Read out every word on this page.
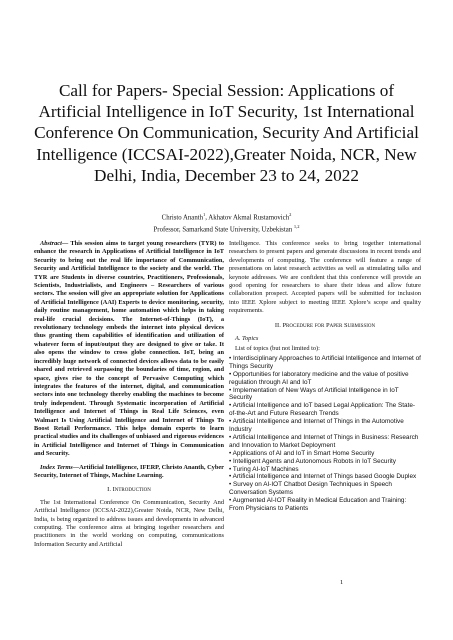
Call for Papers- Special Session: Applications of Artificial Intelligence in IoT Security, 1st International Conference On Communication, Security And Artificial Intelligence (ICCSAI-2022),Greater Noida, NCR, New Delhi, India, December 23 to 24, 2022
Christo Ananth$^1$, Akhatov Akmal Rustamovich$^2$
Professor, Samarkand State University, Uzbekistan $^{1,2}$

Abstract— This session aims to target young researchers (TYR) to enhance the research in Applications of Artificial Intelligence in IoT Security to bring out the real life importance of Communication, Security and Artificial Intelligence to the society and the world. The TYR are Students in diverse countries, Practitioners, Professionals, Scientists, Industrialists, and Engineers – Researchers of various sectors. The session will give an appropriate solution for Applications of Artificial Intelligence (AAI) Experts to device monitoring, security, daily routine management, home automation which helps in taking real-life crucial decisions. The Internet-of-Things (IoT), a revolutionary technology embeds the internet into physical devices thus granting them capabilities of identification and utilization of whatever form of input/output they are designed to give or take. It also opens the window to cross globe connection. IoT, being an incredibly huge network of connected devices allows data to be easily shared and retrieved surpassing the boundaries of time, region, and space, gives rise to the concept of Pervasive Computing which integrates the features of the internet, digital, and communication sectors into one technology thereby enabling the machines to become truly independent. Through Systematic incorporation of Artificial Intelligence and Internet of Things in Real Life Sciences, even Walmart Is Using Artificial Intelligence and Internet of Things To Boost Retail Performance. This helps domain experts to learn practical studies and its challenges of unbiased and rigorous evidences in Artificial Intelligence and Internet of Things in Communication and Security.

Index Terms—Artificial Intelligence, IFERP, Christo Ananth, Cyber Security, Internet of Things, Machine Learning.

I. Introduction

The 1st International Conference On Communication, Security And Artificial Intelligence (ICCSAI-2022),Greater Noida, NCR, New Delhi, India, is being organized to address issues and developments in advanced computing. The conference aims at bringing together researchers and practitioners in the world working on computing, communications Information Security and Artificial

Intelligence. This conference seeks to bring together international researchers to present papers and generate discussions in recent trends and developments of computing. The conference will feature a range of presentations on latest research activities as well as stimulating talks and keynote addresses. We are confident that this conference will provide an good opening for researchers to share their ideas and allow future collaboration prospect. Accepted papers will be submitted for inclusion into IEEE Xplore subject to meeting IEEE Xplore’s scope and quality requirements.

II. Procedure for Paper Submission
A. Topics
List of topics (but not limited to):
• Interdisciplinary Approaches to Artificial Intelligence and Internet of Things Security
• Opportunities for laboratory medicine and the value of positive regulation through AI and IoT
• Implementation of New Ways of Artificial Intelligence in IoT Security
• Artificial Intelligence and IoT based Legal Application: The State-of-the-Art and Future Research Trends
• Artificial Intelligence and Internet of Things in the Automotive Industry
• Artificial Intelligence and Internet of Things in Business: Research and Innovation to Market Deployment
• Applications of AI and IoT in Smart Home Security
• Intelligent Agents and Autonomous Robots in IoT Security
• Turing AI-IoT Machines
• Artificial Intelligence and Internet of Things based Google Duplex
• Survey on AI-IOT Chatbot Design Techniques in Speech Conversation Systems
• Augmented AI-IOT Reality in Medical Education and Training: From Physicians to Patients
1
